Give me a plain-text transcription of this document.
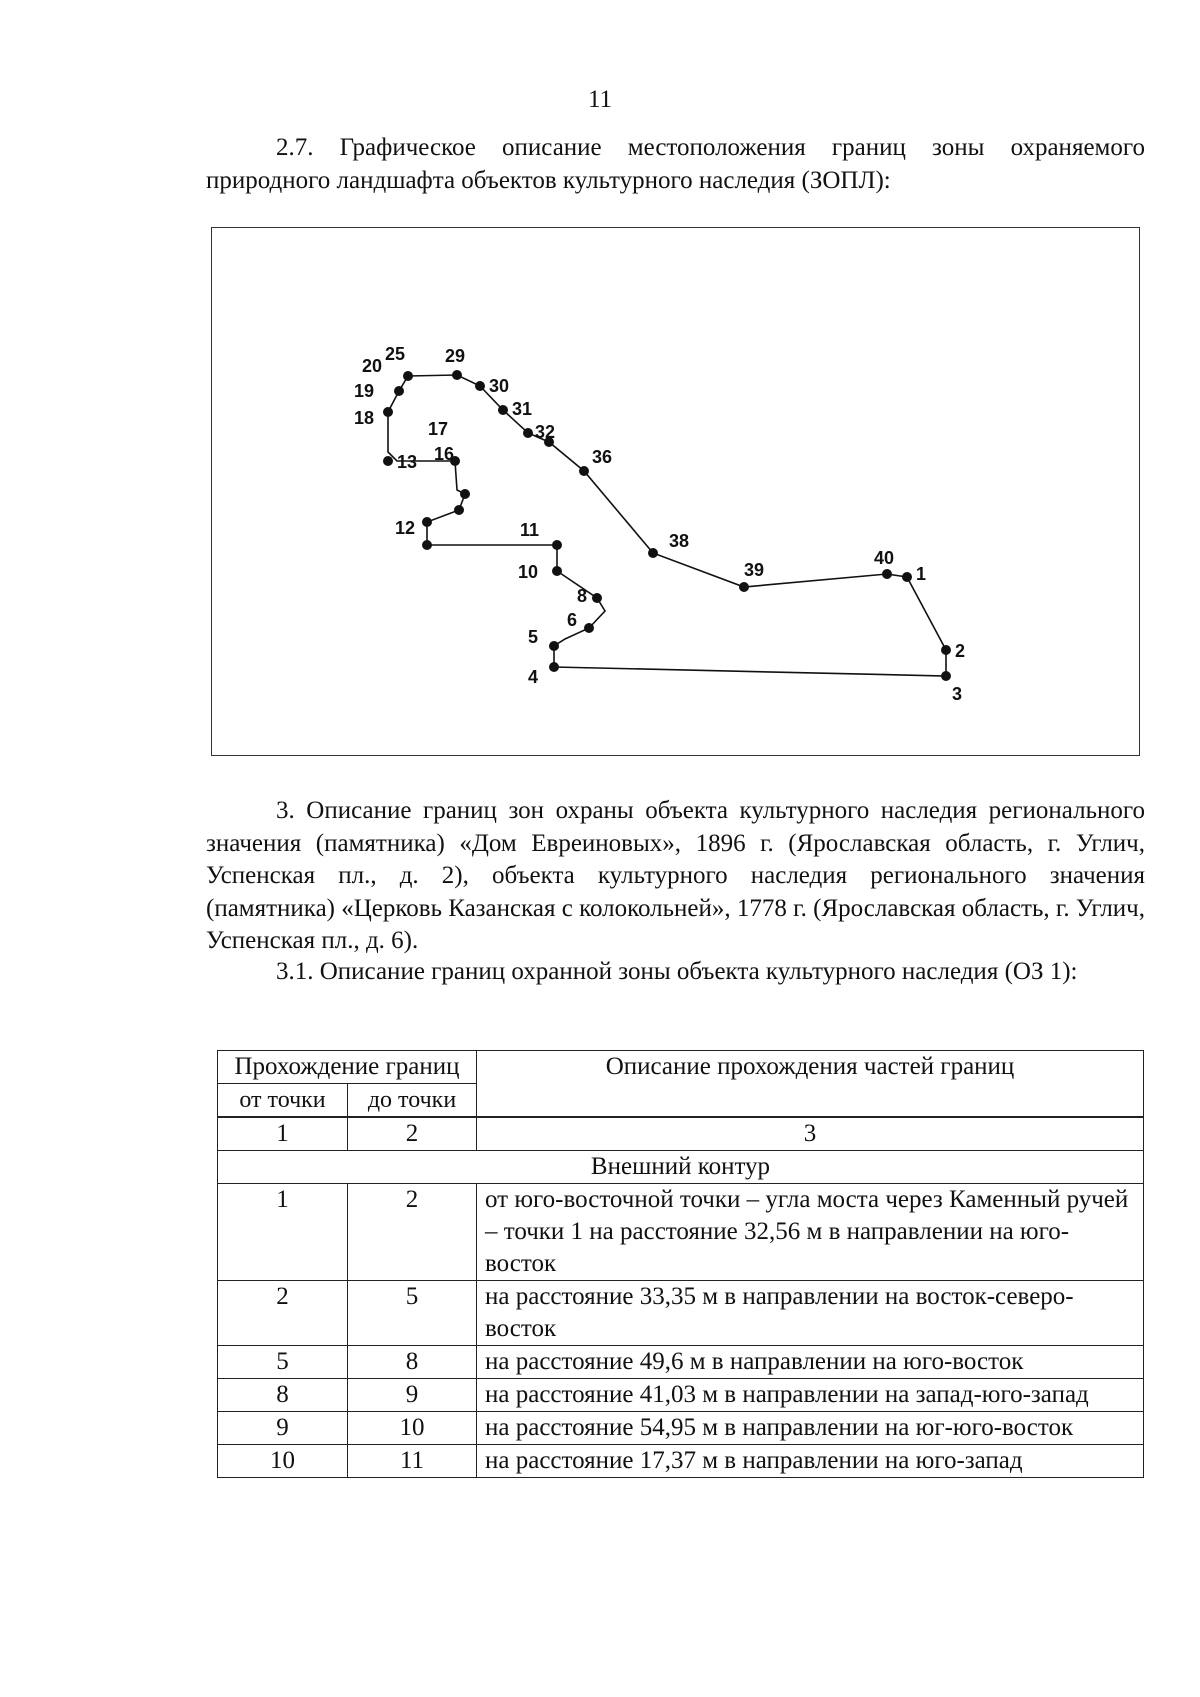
11

2.7. Графическое описание местоположения границ зоны охраняемого природного ландшафта объектов культурного наследия (ЗОПЛ):

1
2
3
4
5
6
8
10
11
12
13 16
17
18
19
20
25 29
30
31
32
36
38
39
40

3. Описание границ зон охраны объекта культурного наследия регионального значения (памятника) «Дом Евреиновых», 1896 г. (Ярославская область, г. Углич, Успенская пл., д. 2), объекта культурного наследия регионального значения (памятника) «Церковь Казанская с колокольней», 1778 г. (Ярославская область, г. Углич, Успенская пл., д. 6).

3.1. Описание границ охранной зоны объекта культурного наследия (ОЗ 1):

Прохождение границ		Описание прохождения частей границ
от точки	до точки	

1	2	3
Внешний контур		
1	2	от юго-восточной точки – угла моста через Каменный ручей – точки 1 на расстояние 32,56 м в направлении на юго-восток
2	5	на расстояние 33,35 м в направлении на восток-северо-восток
5	8	на расстояние 49,6 м в направлении на юго-восток
8	9	на расстояние 41,03 м в направлении на запад-юго-запад
9	10	на расстояние 54,95 м в направлении на юг-юго-восток
10	11	на расстояние 17,37 м в направлении на юго-запад
